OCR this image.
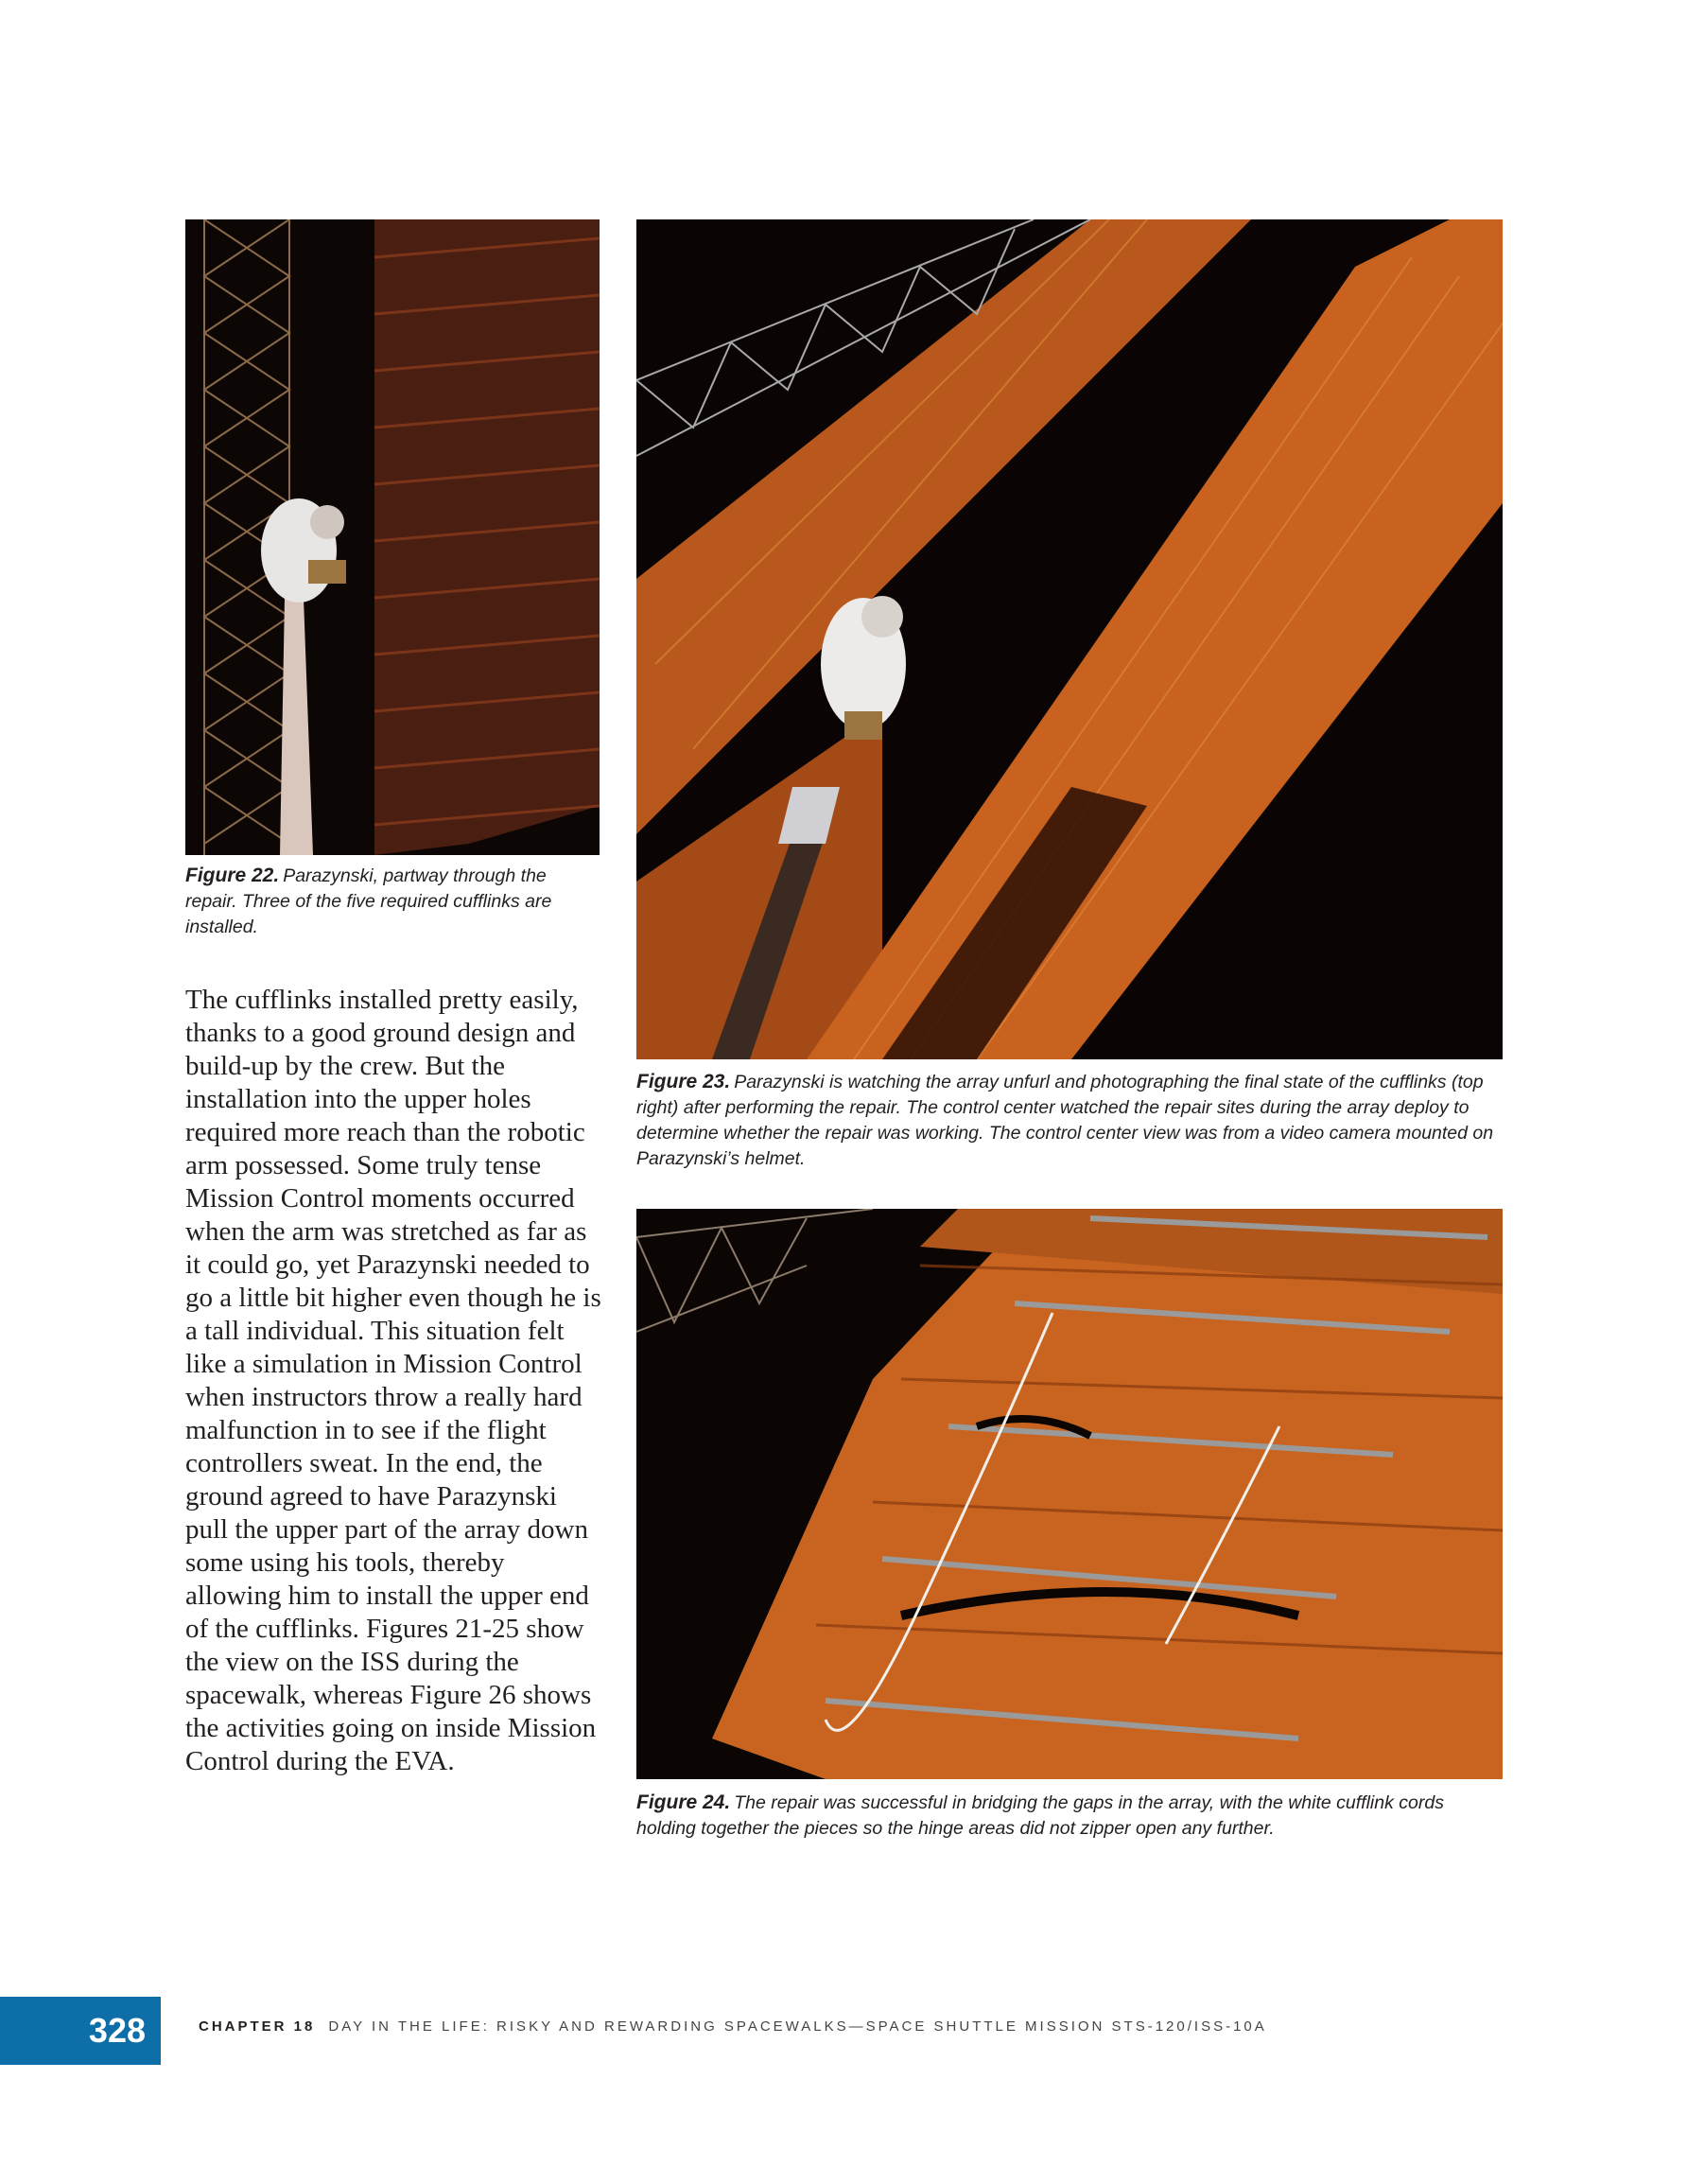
Figure 22. Parazynski, partway through the repair. Three of the five required cufflinks are installed.
The cufflinks installed pretty easily, thanks to a good ground design and build-up by the crew. But the installation into the upper holes required more reach than the robotic arm possessed. Some truly tense Mission Control moments occurred when the arm was stretched as far as it could go, yet Parazynski needed to go a little bit higher even though he is a tall individual. This situation felt like a simulation in Mission Control when instructors throw a really hard malfunction in to see if the flight controllers sweat. In the end, the ground agreed to have Parazynski pull the upper part of the array down some using his tools, thereby allowing him to install the upper end of the cufflinks. Figures 21-25 show the view on the ISS during the spacewalk, whereas Figure 26 shows the activities going on inside Mission Control during the EVA.
Figure 23. Parazynski is watching the array unfurl and photographing the final state of the cufflinks (top right) after performing the repair. The control center watched the repair sites during the array deploy to determine whether the repair was working. The control center view was from a video camera mounted on Parazynski’s helmet.
Figure 24. The repair was successful in bridging the gaps in the array, with the white cufflink cords holding together the pieces so the hinge areas did not zipper open any further.
328	CHAPTER 18 DAY IN THE LIFE: RISKY AND REWARDING SPACEWALKS—SPACE SHUTTLE MISSION STS-120/ISS-10A
